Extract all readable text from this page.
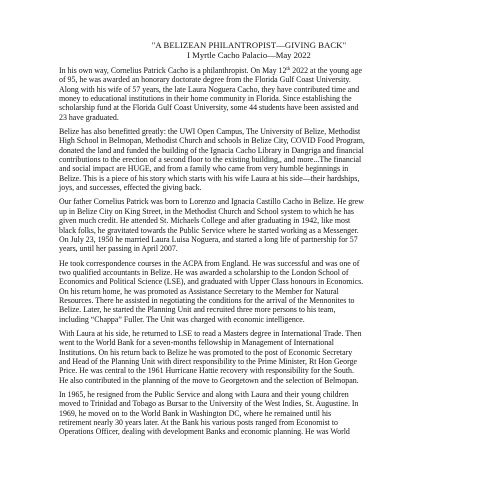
"A BELIZEAN PHILANTROPIST—GIVING BACK"
I Myrtle Cacho Palacio—May 2022
In his own way, Cornelius Patrick Cacho is a philanthropist. On May 12th 2022 at the young age
of 95, he was awarded an honorary doctorate degree from the Florida Gulf Coast University.
Along with his wife of 57 years, the late Laura Noguera Cacho, they have contributed time and
money to educational institutions in their home community in Florida. Since establishing the
scholarship fund at the Florida Gulf Coast University, some 44 students have been assisted and
23 have graduated.
Belize has also benefitted greatly: the UWI Open Campus, The University of Belize, Methodist
High School in Belmopan, Methodist Church and schools in Belize City, COVID Food Program,
donated the land and funded the building of the Ignacia Cacho Library in Dangriga and financial
contributions to the erection of a second floor to the existing building,, and more...The financial
and social impact are HUGE, and from a family who came from very humble beginnings in
Belize. This is a piece of his story which starts with his wife Laura at his side—their hardships,
joys, and successes, effected the giving back.
Our father Cornelius Patrick was born to Lorenzo and Ignacia Castillo Cacho in Belize. He grew
up in Belize City on King Street, in the Methodist Church and School system to which he has
given much credit. He attended St. Michaels College and after graduating in 1942, like most
black folks, he gravitated towards the Public Service where he started working as a Messenger.
On July 23, 1950 he married Laura Luisa Noguera, and started a long life of partnership for 57
years, until her passing in April 2007.
He took correspondence courses in the ACPA from England. He was successful and was one of
two qualified accountants in Belize. He was awarded a scholarship to the London School of
Economics and Political Science (LSE), and graduated with Upper Class honours in Economics.
On his return home, he was promoted as Assistance Secretary to the Member for Natural
Resources. There he assisted in negotiating the conditions for the arrival of the Mennonites to
Belize. Later, he started the Planning Unit and recruited three more persons to his team,
including “Chappa” Fuller. The Unit was charged with economic intelligence.
With Laura at his side, he returned to LSE to read a Masters degree in International Trade. Then
went to the World Bank for a seven-months fellowship in Management of International
Institutions. On his return back to Belize he was promoted to the post of Economic Secretary
and Head of the Planning Unit with direct responsibility to the Prime Minister, Rt Hon George
Price. He was central to the 1961 Hurricane Hattie recovery with responsibility for the South.
He also contributed in the planning of the move to Georgetown and the selection of Belmopan.
In 1965, he resigned from the Public Service and along with Laura and their young children
moved to Trinidad and Tobago as Bursar to the University of the West Indies, St. Augustine. In
1969, he moved on to the World Bank in Washington DC, where he remained until his
retirement nearly 30 years later. At the Bank his various posts ranged from Economist to
Operations Officer, dealing with development Banks and economic planning. He was World
